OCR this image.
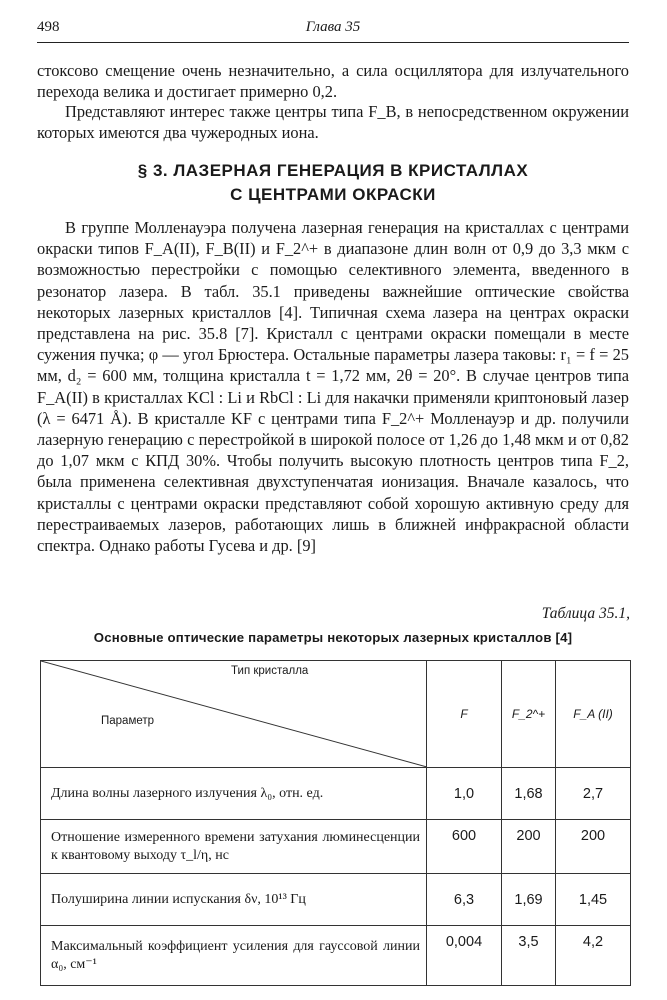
498	Глава 35

стоксово смещение очень незначительно, а сила осциллятора для излучательного перехода велика и достигает примерно 0,2.

Представляют интерес также центры типа F_B, в непосредственном окружении которых имеются два чужеродных иона.

§ 3. ЛАЗЕРНАЯ ГЕНЕРАЦИЯ В КРИСТАЛЛАХ
С ЦЕНТРАМИ ОКРАСКИ

В группе Молленауэра получена лазерная генерация на кристаллах с центрами окраски типов F_A(II), F_B(II) и F_2^+ в диапазоне длин волн от 0,9 до 3,3 мкм с возможностью перестройки с помощью селективного элемента, введенного в резонатор лазера. В табл. 35.1 приведены важнейшие оптические свойства некоторых лазерных кристаллов [4]. Типичная схема лазера на центрах окраски представлена на рис. 35.8 [7]. Кристалл с центрами окраски помещали в месте сужения пучка; φ — угол Брюстера. Остальные параметры лазера таковы: r₁ = f = 25 мм, d₂ = 600 мм, толщина кристалла t = 1,72 мм, 2θ = 20°. В случае центров типа F_A(II) в кристаллах KCl : Li и RbCl : Li для накачки применяли криптоновый лазер (λ = 6471 Å). В кристалле KF с центрами типа F_2^+ Молленауэр и др. получили лазерную генерацию с перестройкой в широкой полосе от 1,26 до 1,48 мкм и от 0,82 до 1,07 мкм с КПД 30%. Чтобы получить высокую плотность центров типа F_2, была применена селективная двухступенчатая ионизация. Вначале казалось, что кристаллы с центрами окраски представляют собой хорошую активную среду для перестраиваемых лазеров, работающих лишь в ближней инфракрасной области спектра. Однако работы Гусева и др. [9]

Таблица 35.1,
Основные оптические параметры некоторых лазерных кристаллов [4]
Тип кристалла
Параметр	F	F_2^+	F_A (II)
Длина волны лазерного излучения λ₀, отн. ед.	1,0	1,68	2,7
Отношение измеренного времени затухания люминесценции к квантовому выходу τ_l/η, нс	600	200	200
Полуширина линии испускания δν, 10¹³ Гц	6,3	1,69	1,45
Максимальный коэффициент усиления для гауссовой линии α₀, см⁻¹	0,004	3,5	4,2
